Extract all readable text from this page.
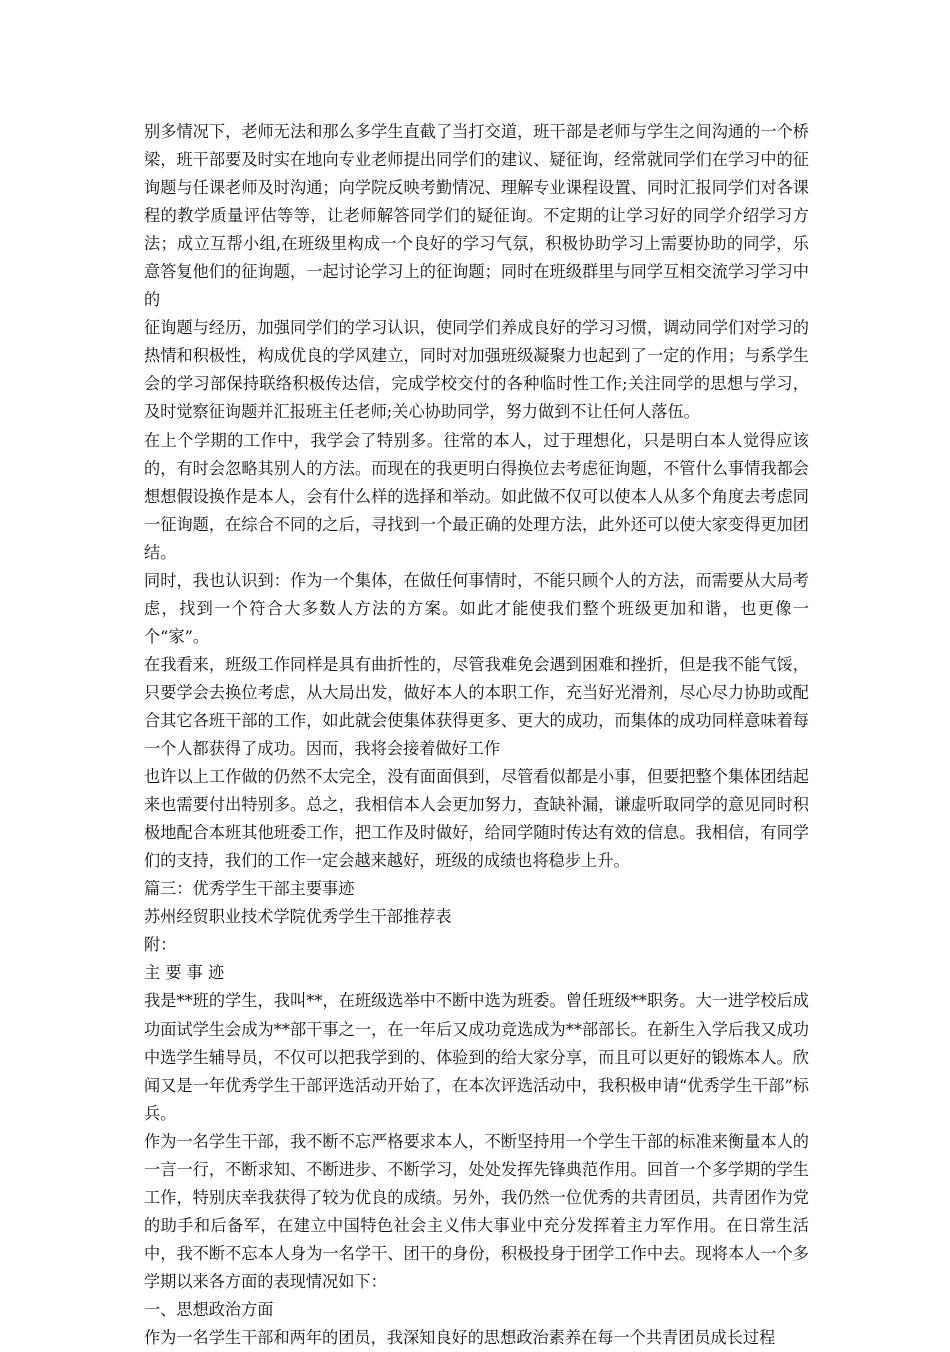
别多情况下，老师无法和那么多学生直截了当打交道，班干部是老师与学生之间沟通的一个桥梁，班干部要及时实在地向专业老师提出同学们的建议、疑征询，经常就同学们在学习中的征询题与任课老师及时沟通；向学院反映考勤情况、理解专业课程设置、同时汇报同学们对各课程的教学质量评估等等，让老师解答同学们的疑征询。不定期的让学习好的同学介绍学习方法；成立互帮小组,在班级里构成一个良好的学习气氛，积极协助学习上需要协助的同学，乐意答复他们的征询题，一起讨论学习上的征询题；同时在班级群里与同学互相交流学习学习中的

征询题与经历，加强同学们的学习认识，使同学们养成良好的学习习惯，调动同学们对学习的热情和积极性，构成优良的学风建立，同时对加强班级凝聚力也起到了一定的作用；与系学生会的学习部保持联络积极传达信，完成学校交付的各种临时性工作;关注同学的思想与学习，及时觉察征询题并汇报班主任老师;关心协助同学，努力做到不让任何人落伍。

在上个学期的工作中，我学会了特别多。往常的本人，过于理想化，只是明白本人觉得应该的，有时会忽略其别人的方法。而现在的我更明白得换位去考虑征询题，不管什么事情我都会想想假设换作是本人，会有什么样的选择和举动。如此做不仅可以使本人从多个角度去考虑同一征询题，在综合不同的之后，寻找到一个最正确的处理方法，此外还可以使大家变得更加团结。

同时，我也认识到：作为一个集体，在做任何事情时，不能只顾个人的方法，而需要从大局考虑，找到一个符合大多数人方法的方案。如此才能使我们整个班级更加和谐，也更像一个“家”。

在我看来，班级工作同样是具有曲折性的，尽管我难免会遇到困难和挫折，但是我不能气馁，只要学会去换位考虑，从大局出发，做好本人的本职工作，充当好光滑剂，尽心尽力协助或配合其它各班干部的工作，如此就会使集体获得更多、更大的成功，而集体的成功同样意味着每一个人都获得了成功。因而，我将会接着做好工作

也许以上工作做的仍然不太完全，没有面面俱到，尽管看似都是小事，但要把整个集体团结起来也需要付出特别多。总之，我相信本人会更加努力，查缺补漏，谦虚听取同学的意见同时积极地配合本班其他班委工作，把工作及时做好，给同学随时传达有效的信息。我相信，有同学们的支持，我们的工作一定会越来越好，班级的成绩也将稳步上升。

篇三：优秀学生干部主要事迹

苏州经贸职业技术学院优秀学生干部推荐表

附：

主 要 事 迹

我是**班的学生，我叫**，在班级选举中不断中选为班委。曾任班级**职务。大一进学校后成功面试学生会成为**部干事之一，在一年后又成功竞选成为**部部长。在新生入学后我又成功中选学生辅导员，不仅可以把我学到的、体验到的给大家分享，而且可以更好的锻炼本人。欣闻又是一年优秀学生干部评选活动开始了，在本次评选活动中，我积极申请“优秀学生干部”标兵。

作为一名学生干部，我不断不忘严格要求本人，不断坚持用一个学生干部的标准来衡量本人的一言一行，不断求知、不断进步、不断学习，处处发挥先锋典范作用。回首一个多学期的学生工作，特别庆幸我获得了较为优良的成绩。另外，我仍然一位优秀的共青团员，共青团作为党的助手和后备军，在建立中国特色社会主义伟大事业中充分发挥着主力军作用。在日常生活中，我不断不忘本人身为一名学干、团干的身份，积极投身于团学工作中去。现将本人一个多学期以来各方面的表现情况如下：

一、思想政治方面

作为一名学生干部和两年的团员，我深知良好的思想政治素养在每一个共青团员成长过程
